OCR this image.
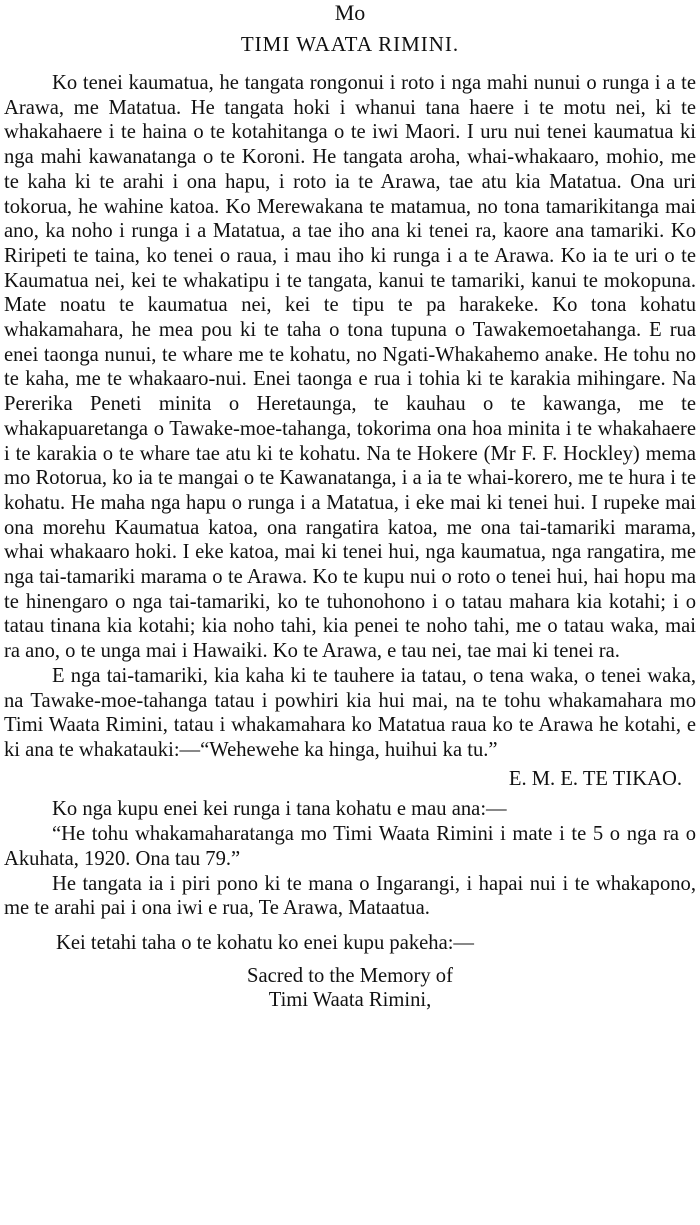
Mo
TIMI WAATA RIMINI.

Ko tenei kaumatua, he tangata rongonui i roto i nga mahi nunui o runga i a te Arawa, me Matatua. He tangata hoki i whanui tana haere i te motu nei, ki te whakahaere i te haina o te kotahitanga o te iwi Maori. I uru nui tenei kaumatua ki nga mahi kawanatanga o te Koroni. He tangata aroha, whai-whakaaro, mohio, me te kaha ki te arahi i ona hapu, i roto ia te Arawa, tae atu kia Matatua. Ona uri tokorua, he wahine katoa. Ko Merewakana te matamua, no tona tamarikitanga mai ano, ka noho i runga i a Matatua, a tae iho ana ki tenei ra, kaore ana tamariki. Ko Riripeti te taina, ko tenei o raua, i mau iho ki runga i a te Arawa. Ko ia te uri o te Kaumatua nei, kei te whakatipu i te tangata, kanui te tamariki, kanui te mokopuna. Mate noatu te kaumatua nei, kei te tipu te pa harakeke. Ko tona kohatu whakamahara, he mea pou ki te taha o tona tupuna o Tawakemoetahanga. E rua enei taonga nunui, te whare me te kohatu, no Ngati-Whakahemo anake. He tohu no te kaha, me te whakaaro-nui. Enei taonga e rua i tohia ki te karakia mihingare. Na Pererika Peneti minita o Heretaunga, te kauhau o te kawanga, me te whakapuaretanga o Tawake-moe-tahanga, tokorima ona hoa minita i te whakahaere i te karakia o te whare tae atu ki te kohatu. Na te Hokere (Mr F. F. Hockley) mema mo Rotorua, ko ia te mangai o te Kawanatanga, i a ia te whai-korero, me te hura i te kohatu. He maha nga hapu o runga i a Matatua, i eke mai ki tenei hui. I rupeke mai ona morehu Kaumatua katoa, ona rangatira katoa, me ona tai-tamariki marama, whai whakaaro hoki. I eke katoa, mai ki tenei hui, nga kaumatua, nga rangatira, me nga tai-tamariki marama o te Arawa. Ko te kupu nui o roto o tenei hui, hai hopu ma te hinengaro o nga tai-tamariki, ko te tuhonohono i o tatau mahara kia kotahi; i o tatau tinana kia kotahi; kia noho tahi, kia penei te noho tahi, me o tatau waka, mai ra ano, o te unga mai i Hawaiki. Ko te Arawa, e tau nei, tae mai ki tenei ra.

E nga tai-tamariki, kia kaha ki te tauhere ia tatau, o tena waka, o tenei waka, na Tawake-moe-tahanga tatau i powhiri kia hui mai, na te tohu whakamahara mo Timi Waata Rimini, tatau i whakamahara ko Matatua raua ko te Arawa he kotahi, e ki ana te whakatauki:—“Wehewehe ka hinga, huihui ka tu.”

E. M. E. TE TIKAO.

Ko nga kupu enei kei runga i tana kohatu e mau ana:—

“He tohu whakamaharatanga mo Timi Waata Rimini i mate i te 5 o nga ra o Akuhata, 1920. Ona tau 79.”

He tangata ia i piri pono ki te mana o Ingarangi, i hapai nui i te whakapono, me te arahi pai i ona iwi e rua, Te Arawa, Mataatua.

Kei tetahi taha o te kohatu ko enei kupu pakeha:—

Sacred to the Memory of
Timi Waata Rimini,
